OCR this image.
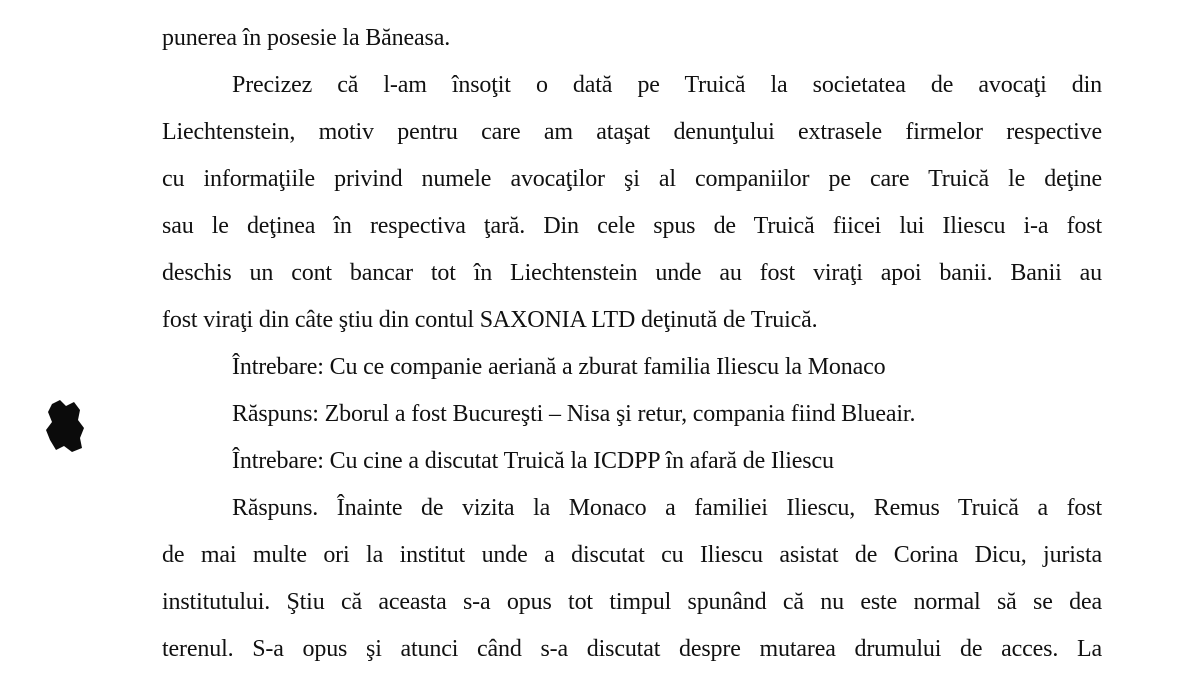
punerea în posesie la Băneasa.
Precizez că l-am însoţit o dată pe Truică la societatea de avocaţi din
Liechtenstein, motiv pentru care am ataşat denunţului extrasele firmelor respective
cu informaţiile privind numele avocaţilor şi al companiilor pe care Truică le deţine
sau le deţinea în respectiva ţară. Din cele spus de Truică fiicei lui Iliescu i-a fost
deschis un cont bancar tot în Liechtenstein unde au fost viraţi apoi banii. Banii au
fost viraţi din câte ştiu din contul SAXONIA LTD deţinută de Truică.
Întrebare: Cu ce companie aeriană a zburat familia Iliescu la Monaco
Răspuns: Zborul a fost Bucureşti – Nisa şi retur, compania fiind Blueair.
Întrebare: Cu cine a discutat Truică la ICDPP în afară de Iliescu
Răspuns. Înainte de vizita la Monaco a familiei Iliescu, Remus Truică a fost
de mai multe ori la institut unde a discutat cu Iliescu asistat de Corina Dicu, jurista
institutului. Ştiu că aceasta s-a opus tot timpul spunând că nu este normal să se dea
terenul. S-a opus şi atunci când s-a discutat despre mutarea drumului de acces. La
